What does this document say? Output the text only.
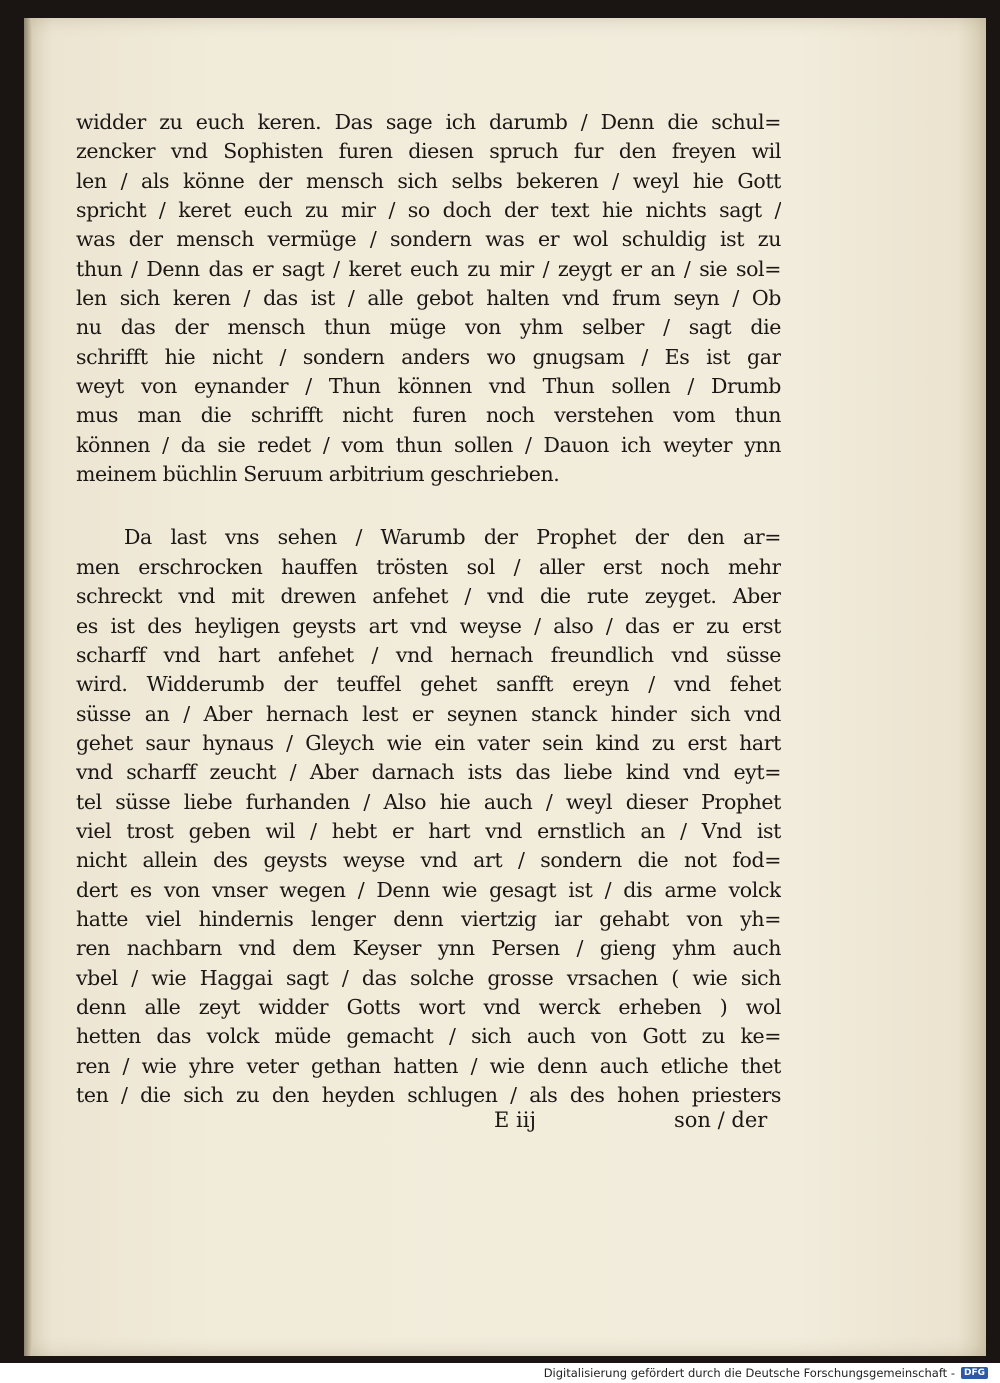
widder zu euch keren. Das sage ich darumb / Denn die schul=
zencker vnd Sophisten furen diesen spruch fur den freyen wil
len / als könne der mensch sich selbs bekeren / weyl hie Gott
spricht / keret euch zu mir / so doch der text hie nichts sagt /
was der mensch vermüge / sondern was er wol schuldig ist zu
thun / Denn das er sagt / keret euch zu mir / zeygt er an / sie sol=
len sich keren / das ist / alle gebot halten vnd frum seyn / Ob
nu das der mensch thun müge von yhm selber / sagt die
schrifft hie nicht / sondern anders wo gnugsam / Es ist gar
weyt von eynander / Thun können vnd Thun sollen / Drumb
mus man die schrifft nicht furen noch verstehen vom thun
können / da sie redet / vom thun sollen / Dauon ich weyter ynn
meinem büchlin Seruum arbitrium geschrieben.
Da last vns sehen / Warumb der Prophet der den ar=
men erschrocken hauffen trösten sol / aller erst noch mehr
schreckt vnd mit drewen anfehet / vnd die rute zeyget. Aber
es ist des heyligen geysts art vnd weyse / also / das er zu erst
scharff vnd hart anfehet / vnd hernach freundlich vnd süsse
wird. Widderumb der teuffel gehet sanfft ereyn / vnd fehet
süsse an / Aber hernach lest er seynen stanck hinder sich vnd
gehet saur hynaus / Gleych wie ein vater sein kind zu erst hart
vnd scharff zeucht / Aber darnach ists das liebe kind vnd eyt=
tel süsse liebe furhanden / Also hie auch / weyl dieser Prophet
viel trost geben wil / hebt er hart vnd ernstlich an / Vnd ist
nicht allein des geysts weyse vnd art / sondern die not fod=
dert es von vnser wegen / Denn wie gesagt ist / dis arme volck
hatte viel hindernis lenger denn viertzig iar gehabt von yh=
ren nachbarn vnd dem Keyser ynn Persen / gieng yhm auch
vbel / wie Haggai sagt / das solche grosse vrsachen ( wie sich
denn alle zeyt widder Gotts wort vnd werck erheben ) wol
hetten das volck müde gemacht / sich auch von Gott zu ke=
ren / wie yhre veter gethan hatten / wie denn auch etliche thet
ten / die sich zu den heyden schlugen / als des hohen priesters
E iij	son / der
Digitalisierung gefördert durch die Deutsche Forschungsgemeinschaft -	DFG
